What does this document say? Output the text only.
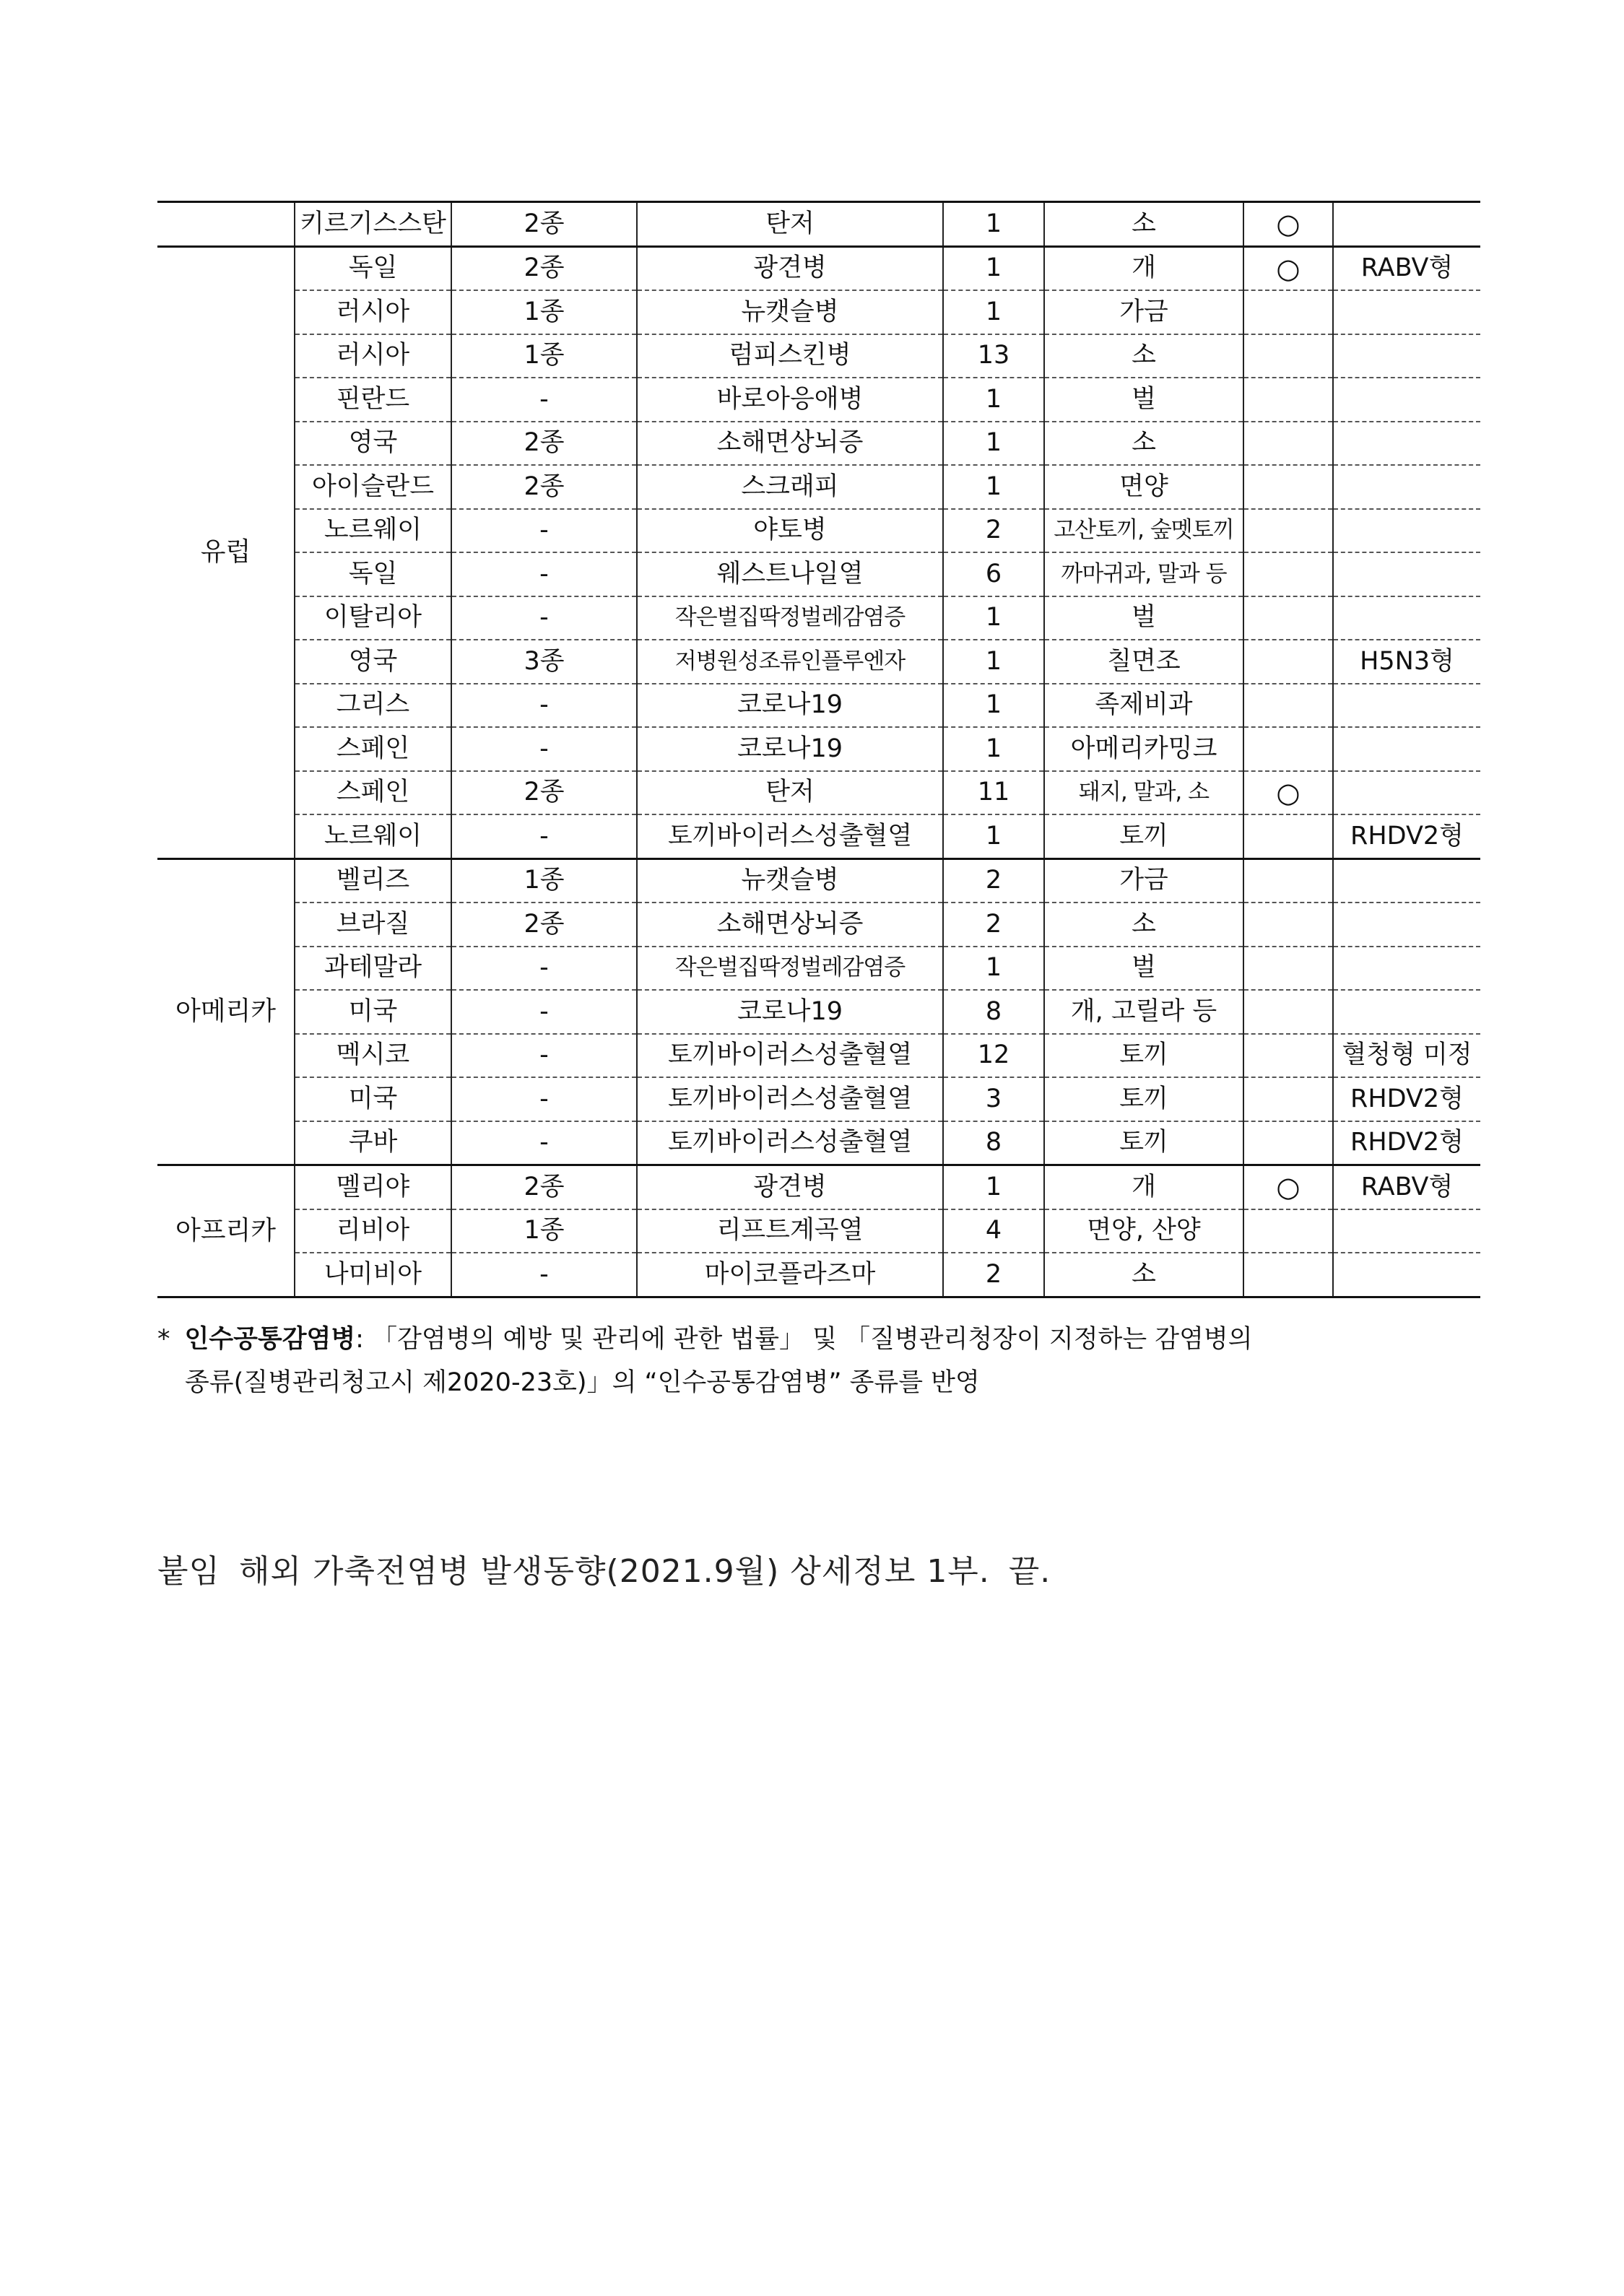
	키르기스스탄	2종	탄저	1	소	○	
유럽	독일	2종	광견병	1	개	○	RABV형
	러시아	1종	뉴캣슬병	1	가금		
	러시아	1종	럼피스킨병	13	소		
	핀란드	-	바로아응애병	1	벌		
	영국	2종	소해면상뇌증	1	소		
	아이슬란드	2종	스크래피	1	면양		
	노르웨이	-	야토병	2	고산토끼, 숲멧토끼		
	독일	-	웨스트나일열	6	까마귀과, 말과 등		
	이탈리아	-	작은벌집딱정벌레감염증	1	벌		
	영국	3종	저병원성조류인플루엔자	1	칠면조		H5N3형
	그리스	-	코로나19	1	족제비과		
	스페인	-	코로나19	1	아메리카밍크		
	스페인	2종	탄저	11	돼지, 말과, 소	○	
	노르웨이	-	토끼바이러스성출혈열	1	토끼		RHDV2형
아메리카	벨리즈	1종	뉴캣슬병	2	가금		
	브라질	2종	소해면상뇌증	2	소		
	과테말라	-	작은벌집딱정벌레감염증	1	벌		
	미국	-	코로나19	8	개, 고릴라 등		
	멕시코	-	토끼바이러스성출혈열	12	토끼		혈청형 미정
	미국	-	토끼바이러스성출혈열	3	토끼		RHDV2형
	쿠바	-	토끼바이러스성출혈열	8	토끼		RHDV2형
아프리카	멜리야	2종	광견병	1	개	○	RABV형
	리비아	1종	리프트계곡열	4	면양, 산양		
	나미비아	-	마이코플라즈마	2	소		
* 인수공통감염병: 「감염병의 예방 및 관리에 관한 법률」 및 「질병관리청장이 지정하는 감염병의
종류(질병관리청고시 제2020-23호)」의 “인수공통감염병” 종류를 반영
붙임 해외 가축전염병 발생동향(2021.9월) 상세정보 1부. 끝.
